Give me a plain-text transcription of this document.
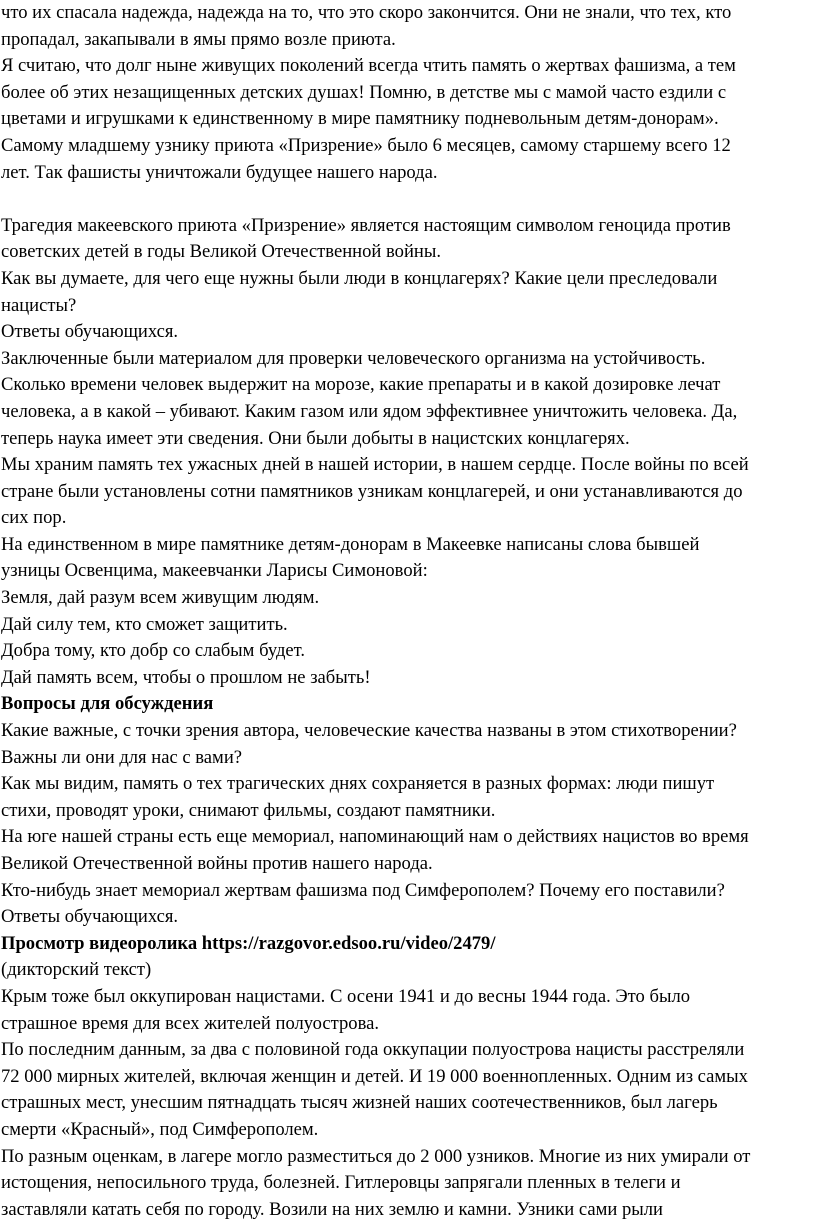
что их спасала надежда, надежда на то, что это скоро закончится. Они не знали, что тех, кто

пропадал, закапывали в ямы прямо возле приюта.

Я считаю, что долг ныне живущих поколений всегда чтить память о жертвах фашизма, а тем

более об этих незащищенных детских душах! Помню, в детстве мы с мамой часто ездили с

цветами и игрушками к единственному в мире памятнику подневольным детям-донорам».

Самому младшему узнику приюта «Призрение» было 6 месяцев, самому старшему всего 12

лет. Так фашисты уничтожали будущее нашего народа.

Трагедия макеевского приюта «Призрение» является настоящим символом геноцида против

советских детей в годы Великой Отечественной войны.

Как вы думаете, для чего еще нужны были люди в концлагерях? Какие цели преследовали

нацисты?

Ответы обучающихся.

Заключенные были материалом для проверки человеческого организма на устойчивость.

Сколько времени человек выдержит на морозе, какие препараты и в какой дозировке лечат

человека, а в какой – убивают. Каким газом или ядом эффективнее уничтожить человека. Да,

теперь наука имеет эти сведения. Они были добыты в нацистских концлагерях.

Мы храним память тех ужасных дней в нашей истории, в нашем сердце. После войны по всей

стране были установлены сотни памятников узникам концлагерей, и они устанавливаются до

сих пор.

На единственном в мире памятнике детям-донорам в Макеевке написаны слова бывшей

узницы Освенцима, макеевчанки Ларисы Симоновой:

Земля, дай разум всем живущим людям.

Дай силу тем, кто сможет защитить.

Добра тому, кто добр со слабым будет.

Дай память всем, чтобы о прошлом не забыть!

Вопросы для обсуждения

Какие важные, с точки зрения автора, человеческие качества названы в этом стихотворении?

Важны ли они для нас с вами?

Как мы видим, память о тех трагических днях сохраняется в разных формах: люди пишут

стихи, проводят уроки, снимают фильмы, создают памятники.

На юге нашей страны есть еще мемориал, напоминающий нам о действиях нацистов во время

Великой Отечественной войны против нашего народа.

Кто-нибудь знает мемориал жертвам фашизма под Симферополем? Почему его поставили?

Ответы обучающихся.

Просмотр видеоролика https://razgovor.edsoo.ru/video/2479/

(дикторский текст)

Крым тоже был оккупирован нацистами. С осени 1941 и до весны 1944 года. Это было

страшное время для всех жителей полуострова.

По последним данным, за два с половиной года оккупации полуострова нацисты расстреляли

72 000 мирных жителей, включая женщин и детей. И 19 000 военнопленных. Одним из самых

страшных мест, унесшим пятнадцать тысяч жизней наших соотечественников, был лагерь

смерти «Красный», под Симферополем.

По разным оценкам, в лагере могло разместиться до 2 000 узников. Многие из них умирали от

истощения, непосильного труда, болезней. Гитлеровцы запрягали пленных в телеги и

заставляли катать себя по городу. Возили на них землю и камни. Узники сами рыли
